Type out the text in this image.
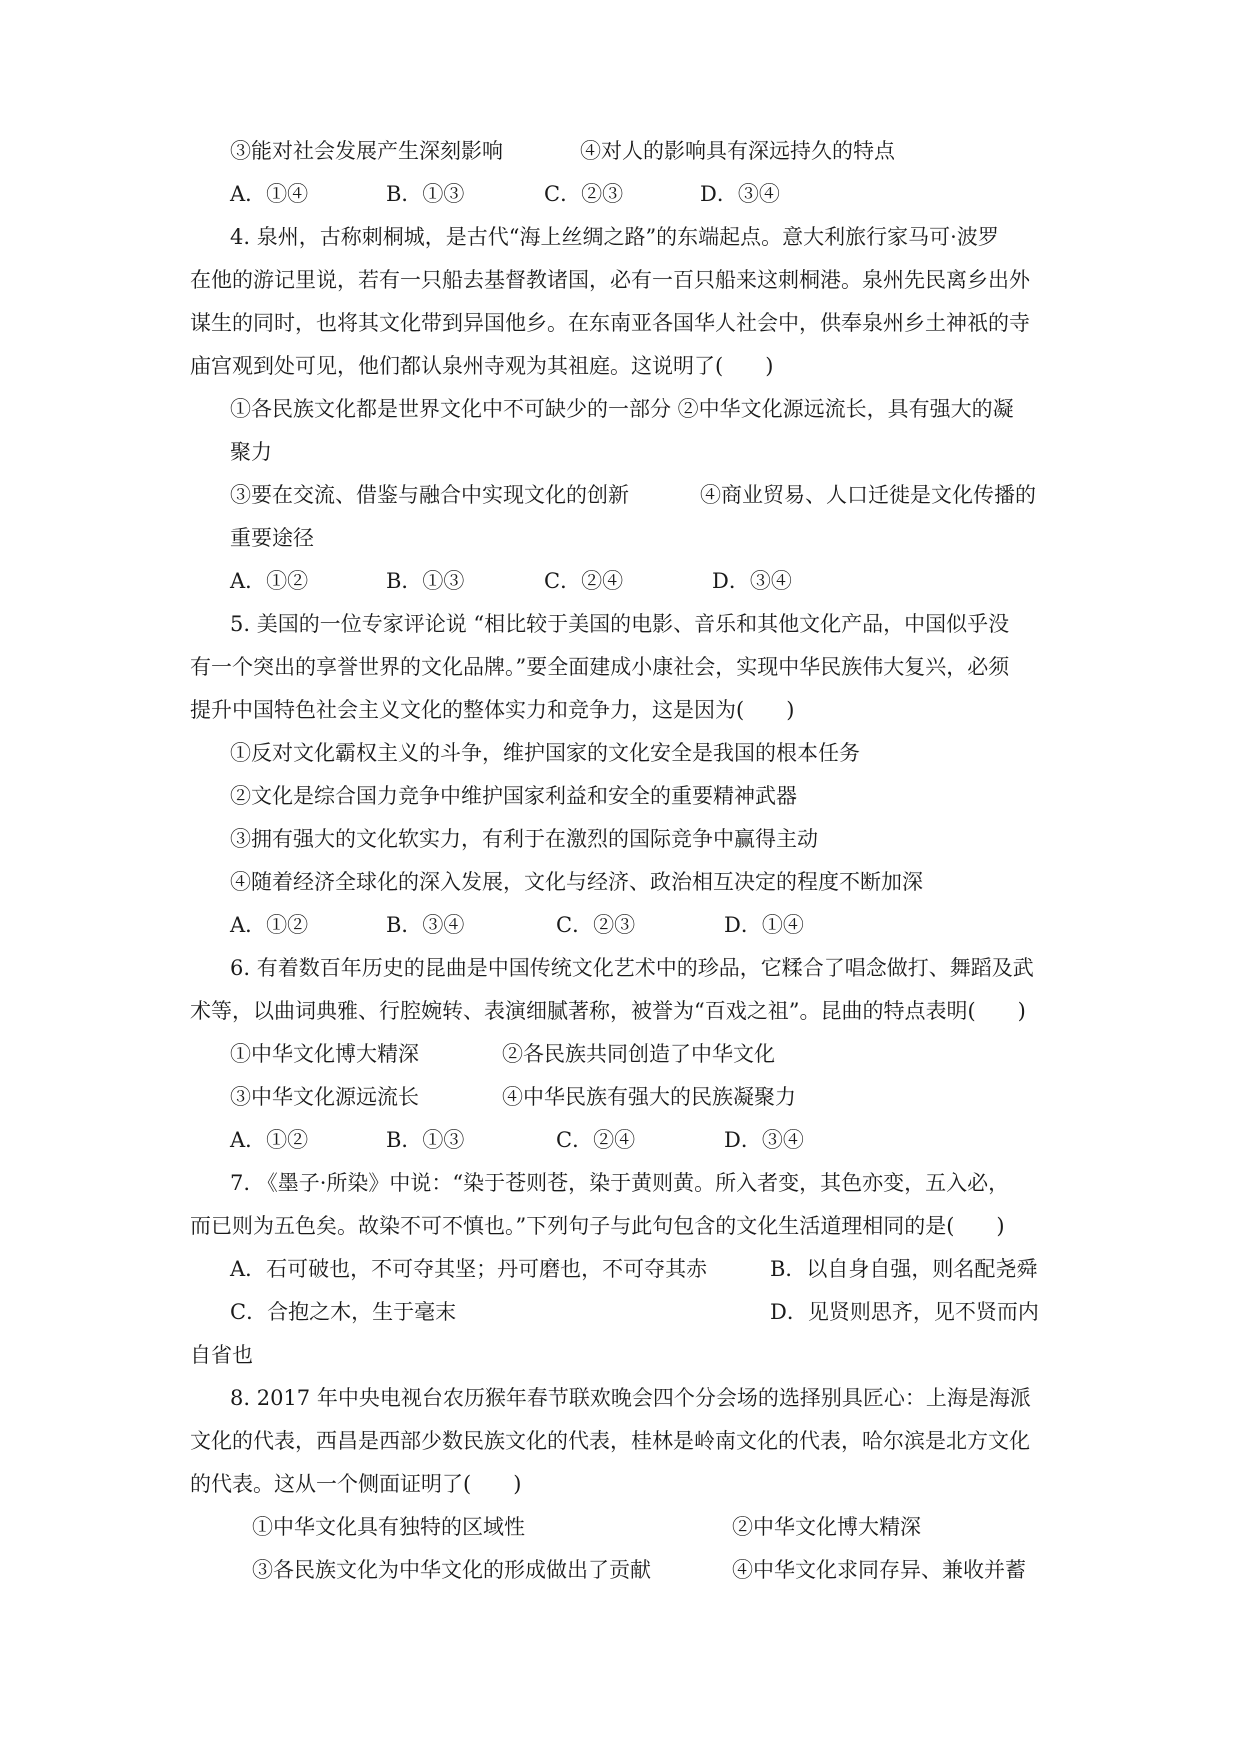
③能对社会发展产生深刻影响	④对人的影响具有深远持久的特点
A．①④	B．①③	C．②③	D．③④
4. 泉州，古称刺桐城，是古代“海上丝绸之路”的东端起点。意大利旅行家马可·波罗
在他的游记里说，若有一只船去基督教诸国，必有一百只船来这刺桐港。泉州先民离乡出外
谋生的同时，也将其文化带到异国他乡。在东南亚各国华人社会中，供奉泉州乡土神祇的寺
庙宫观到处可见，他们都认泉州寺观为其祖庭。这说明了(　　)
①各民族文化都是世界文化中不可缺少的一部分 ②中华文化源远流长，具有强大的凝
聚力
③要在交流、借鉴与融合中实现文化的创新	④商业贸易、人口迁徙是文化传播的
重要途径
A．①②	B．①③	C．②④	D．③④
5. 美国的一位专家评论说 “相比较于美国的电影、音乐和其他文化产品，中国似乎没
有一个突出的享誉世界的文化品牌。”要全面建成小康社会，实现中华民族伟大复兴，必须
提升中国特色社会主义文化的整体实力和竞争力，这是因为(　　)
①反对文化霸权主义的斗争，维护国家的文化安全是我国的根本任务
②文化是综合国力竞争中维护国家利益和安全的重要精神武器
③拥有强大的文化软实力，有利于在激烈的国际竞争中赢得主动
④随着经济全球化的深入发展，文化与经济、政治相互决定的程度不断加深
A．①②	B．③④	C．②③	D．①④
6. 有着数百年历史的昆曲是中国传统文化艺术中的珍品，它糅合了唱念做打、舞蹈及武
术等，以曲词典雅、行腔婉转、表演细腻著称，被誉为“百戏之祖”。昆曲的特点表明(　　)
①中华文化博大精深	②各民族共同创造了中华文化
③中华文化源远流长	④中华民族有强大的民族凝聚力
A．①②	B．①③	C．②④	D．③④
7. 《墨子·所染》中说：“染于苍则苍，染于黄则黄。所入者变，其色亦变，五入必，
而已则为五色矣。故染不可不慎也。”下列句子与此句包含的文化生活道理相同的是(　　)
A．石可破也，不可夺其坚；丹可磨也，不可夺其赤	B．以自身自强，则名配尧舜
C．合抱之木，生于毫末	D．见贤则思齐，见不贤而内
自省也
8. 2017 年中央电视台农历猴年春节联欢晚会四个分会场的选择别具匠心：上海是海派
文化的代表，西昌是西部少数民族文化的代表，桂林是岭南文化的代表，哈尔滨是北方文化
的代表。这从一个侧面证明了(　　)
①中华文化具有独特的区域性	②中华文化博大精深
③各民族文化为中华文化的形成做出了贡献	④中华文化求同存异、兼收并蓄
